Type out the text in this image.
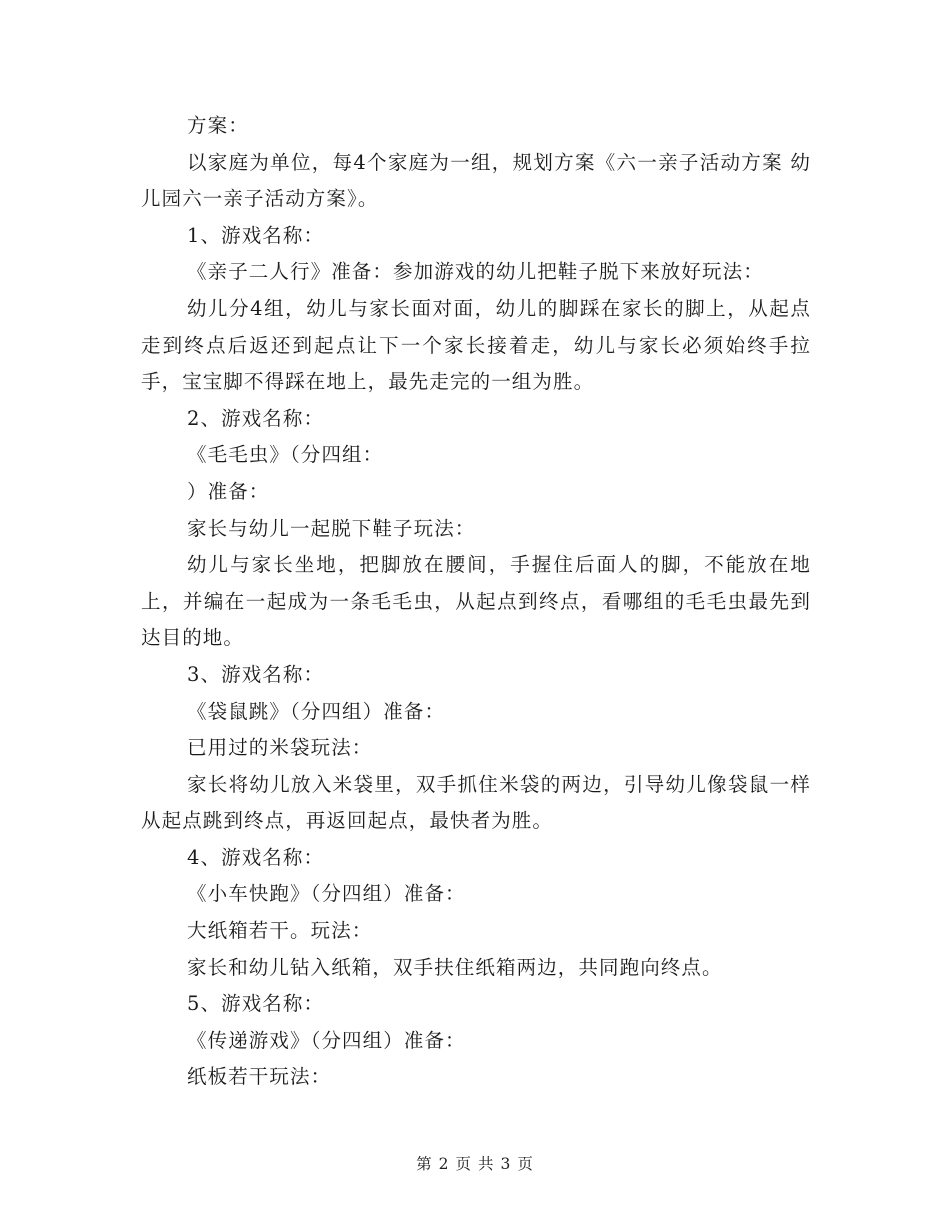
方案：

以家庭为单位，每4个家庭为一组，规划方案《六一亲子活动方案 幼儿园六一亲子活动方案》。

1、游戏名称：

《亲子二人行》准备：参加游戏的幼儿把鞋子脱下来放好玩法：

幼儿分4组，幼儿与家长面对面，幼儿的脚踩在家长的脚上，从起点走到终点后返还到起点让下一个家长接着走，幼儿与家长必须始终手拉手，宝宝脚不得踩在地上，最先走完的一组为胜。

2、游戏名称：

《毛毛虫》（分四组：

）准备：

家长与幼儿一起脱下鞋子玩法：

幼儿与家长坐地，把脚放在腰间，手握住后面人的脚，不能放在地上，并编在一起成为一条毛毛虫，从起点到终点，看哪组的毛毛虫最先到达目的地。

3、游戏名称：

《袋鼠跳》（分四组）准备：

已用过的米袋玩法：

家长将幼儿放入米袋里，双手抓住米袋的两边，引导幼儿像袋鼠一样从起点跳到终点，再返回起点，最快者为胜。

4、游戏名称：

《小车快跑》（分四组）准备：

大纸箱若干。玩法：

家长和幼儿钻入纸箱，双手扶住纸箱两边，共同跑向终点。

5、游戏名称：

《传递游戏》（分四组）准备：

纸板若干玩法：

第 2 页 共 3 页
